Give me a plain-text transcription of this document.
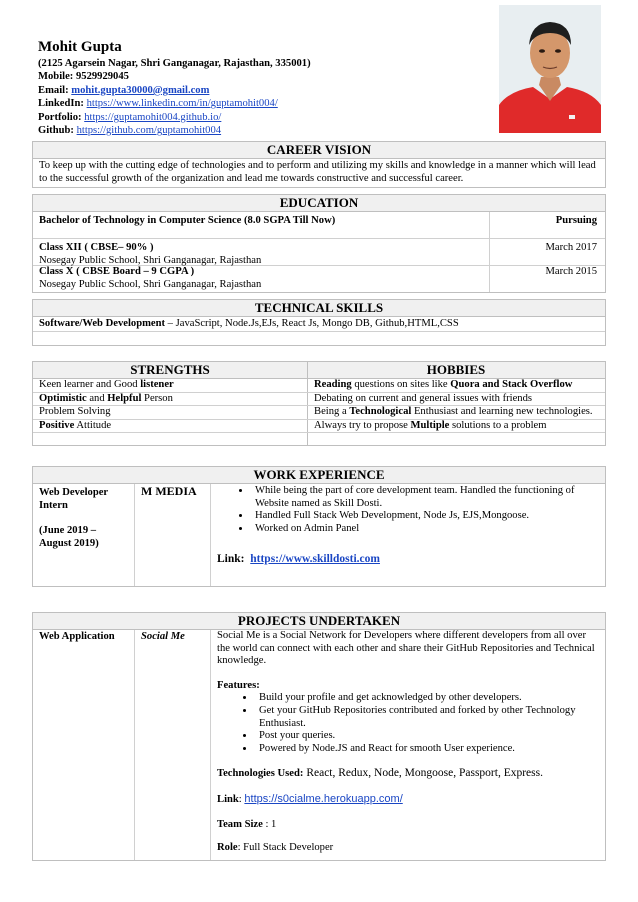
Mohit Gupta
(2125 Agarsein Nagar, Shri Ganganagar, Rajasthan, 335001)
Mobile: 9529929045
Email: mohit.gupta30000@gmail.com
LinkedIn: https://www.linkedin.com/in/guptamohit004/
Portfolio: https://guptamohit004.github.io/
Github: https://github.com/guptamohit004
CAREER VISION
To keep up with the cutting edge of technologies and to perform and utilizing my skills and knowledge in a manner which will lead to the successful growth of the organization and lead me towards constructive and successful career.
EDUCATION
Bachelor of Technology in Computer Science (8.0 SGPA Till Now)	Pursuing
Class XII ( CBSE– 90% )
Nosegay Public School, Shri Ganganagar, Rajasthan
March 2017
Class X ( CBSE Board – 9 CGPA )
Nosegay Public School, Shri Ganganagar, Rajasthan
March 2015
TECHNICAL SKILLS
Software/Web Development – JavaScript, Node.Js,EJs, React Js, Mongo DB, Github,HTML,CSS
STRENGTHS	HOBBIES
Keen learner and Good listener	Reading questions on sites like Quora and Stack Overflow
Optimistic and Helpful Person	Debating on current and general issues with friends
Problem Solving	Being a Technological Enthusiast and learning new technologies.
Positive Attitude	Always try to propose Multiple solutions to a problem
WORK EXPERIENCE
Web Developer Intern
(June 2019 – August 2019)
M MEDIA
•	While being the part of core development team. Handled the functioning of Website named as Skill Dosti.
• Handled Full Stack Web Development, Node Js, EJS,Mongoose.
• Worked on Admin Panel
Link: https://www.skilldosti.com
PROJECTS UNDERTAKEN
Web Application Social Me	Social Me is a Social Network for Developers where different developers from all over the world can connect with each other and share their GitHub Repositories and Technical knowledge.
Features:
• Build your profile and get acknowledged by other developers.
• Get your GitHub Repositories contributed and forked by other Technology Enthusiast.
• Post your queries.
• Powered by Node.JS and React for smooth User experience.
Technologies Used: React, Redux, Node, Mongoose, Passport, Express.
Link: https://s0cialme.herokuapp.com/
Team Size : 1
Role: Full Stack Developer
